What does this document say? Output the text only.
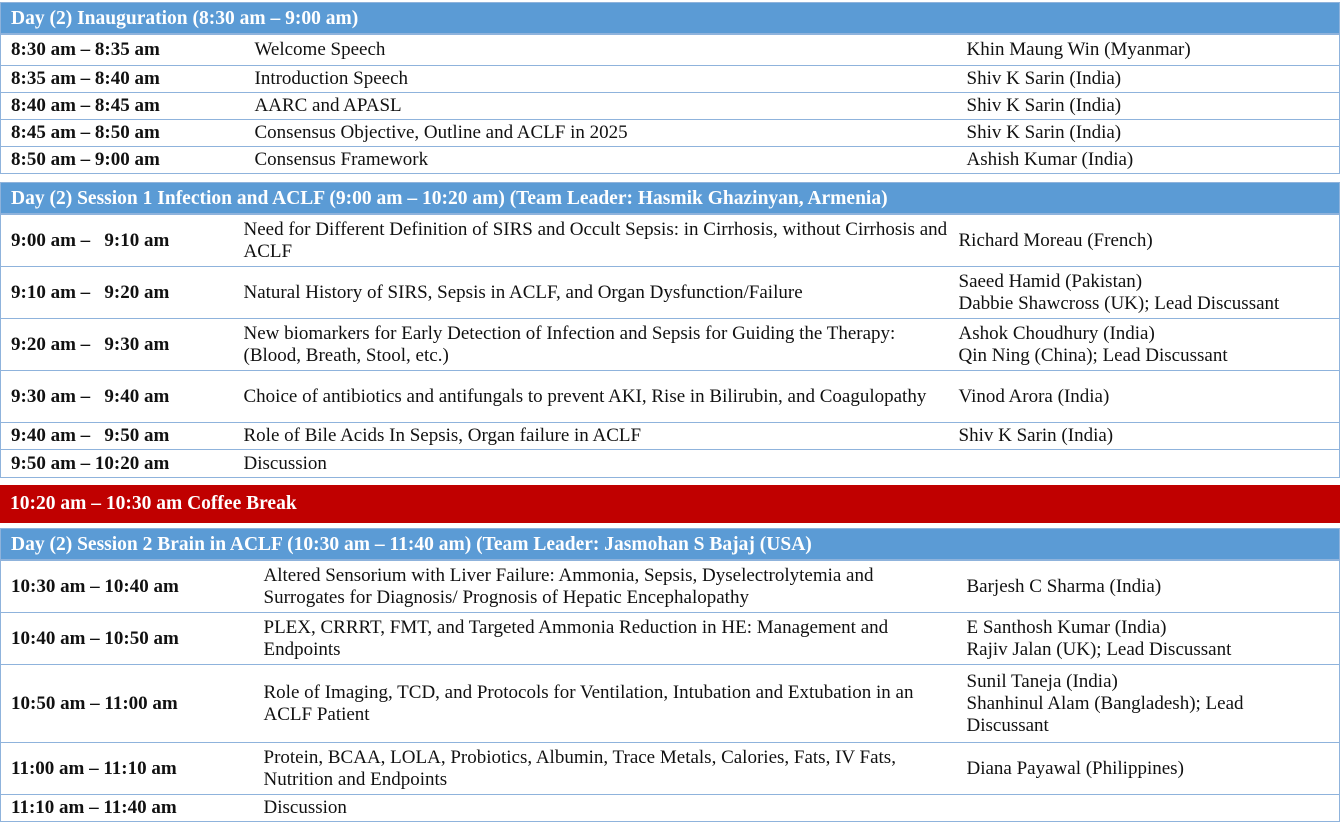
Day (2) Inauguration (8:30 am – 9:00 am)
8:30 am – 8:35 am	Welcome Speech	Khin Maung Win (Myanmar)

8:35 am – 8:40 am	Introduction Speech	Shiv K Sarin (India)

8:40 am – 8:45 am	AARC and APASL	Shiv K Sarin (India)

8:45 am – 8:50 am	Consensus Objective, Outline and ACLF in 2025	Shiv K Sarin (India)

8:50 am – 9:00 am	Consensus Framework	Ashish Kumar (India)
Day (2) Session 1 Infection and ACLF (9:00 am – 10:20 am) (Team Leader: Hasmik Ghazinyan, Armenia)
9:00 am –   9:10 am	Need for Different Definition of SIRS and Occult Sepsis: in Cirrhosis, without Cirrhosis and ACLF	Richard Moreau (French)

9:10 am –   9:20 am	Natural History of SIRS, Sepsis in ACLF, and Organ Dysfunction/Failure	Saeed Hamid (Pakistan)
Dabbie Shawcross (UK); Lead Discussant

9:20 am –   9:30 am	New biomarkers for Early Detection of Infection and Sepsis for Guiding the Therapy: (Blood, Breath, Stool, etc.)	Ashok Choudhury (India)
Qin Ning (China); Lead Discussant

9:30 am –   9:40 am	Choice of antibiotics and antifungals to prevent AKI, Rise in Bilirubin, and Coagulopathy	Vinod Arora (India)

9:40 am –   9:50 am	Role of Bile Acids In Sepsis, Organ failure in ACLF	Shiv K Sarin (India)

9:50 am – 10:20 am	Discussion	
10:20 am – 10:30 am Coffee Break
Day (2) Session 2 Brain in ACLF (10:30 am – 11:40 am) (Team Leader: Jasmohan S Bajaj (USA)
10:30 am – 10:40 am	Altered Sensorium with Liver Failure: Ammonia, Sepsis, Dyselectrolytemia and Surrogates for Diagnosis/ Prognosis of Hepatic Encephalopathy	Barjesh C Sharma (India)

10:40 am – 10:50 am	PLEX, CRRRT, FMT, and Targeted Ammonia Reduction in HE: Management and Endpoints	E Santhosh Kumar (India)
Rajiv Jalan (UK); Lead Discussant

10:50 am – 11:00 am	Role of Imaging, TCD, and Protocols for Ventilation, Intubation and Extubation in an ACLF Patient	Sunil Taneja (India)
Shanhinul Alam (Bangladesh); Lead Discussant

11:00 am – 11:10 am	Protein, BCAA, LOLA, Probiotics, Albumin, Trace Metals, Calories, Fats, IV Fats, Nutrition and Endpoints	Diana Payawal (Philippines)

11:10 am – 11:40 am	Discussion	
